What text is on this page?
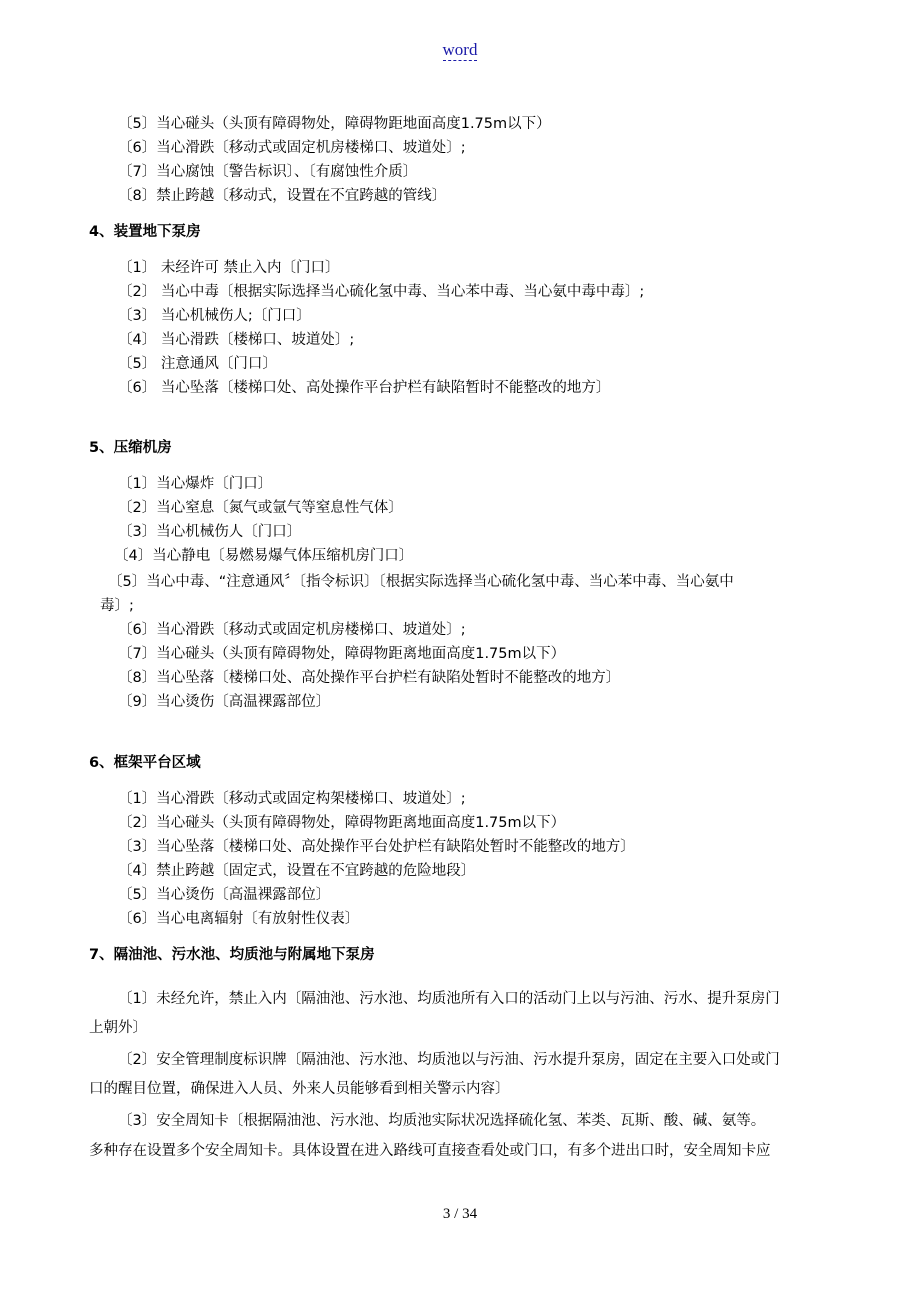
word
〔5〕当心碰头（头顶有障碍物处，障碍物距地面高度1.75m以下）
〔6〕当心滑跌〔移动式或固定机房楼梯口、坡道处〕;
〔7〕当心腐蚀〔警告标识〕、〔有腐蚀性介质〕
〔8〕禁止跨越〔移动式，设置在不宜跨越的管线〕
4、装置地下泵房
〔1〕 未经许可 禁止入内〔门口〕
〔2〕 当心中毒〔根据实际选择当心硫化氢中毒、当心苯中毒、当心氨中毒中毒〕;
〔3〕 当心机械伤人;〔门口〕
〔4〕 当心滑跌〔楼梯口、坡道处〕;
〔5〕 注意通风〔门口〕
〔6〕 当心坠落〔楼梯口处、高处操作平台护栏有缺陷暂时不能整改的地方〕
5、压缩机房
〔1〕当心爆炸〔门口〕
〔2〕当心窒息〔氮气或氩气等窒息性气体〕
〔3〕当心机械伤人〔门口〕
〔4〕当心静电〔易燃易爆气体压缩机房门口〕
〔5〕当心中毒、“注意通风〞〔指令标识〕〔根据实际选择当心硫化氢中毒、当心苯中毒、当心氨中
毒〕;
〔6〕当心滑跌〔移动式或固定机房楼梯口、坡道处〕;
〔7〕当心碰头（头顶有障碍物处，障碍物距离地面高度1.75m以下）
〔8〕当心坠落〔楼梯口处、高处操作平台护栏有缺陷处暂时不能整改的地方〕
〔9〕当心烫伤〔高温裸露部位〕
6、框架平台区域
〔1〕当心滑跌〔移动式或固定构架楼梯口、坡道处〕;
〔2〕当心碰头（头顶有障碍物处，障碍物距离地面高度1.75m以下）
〔3〕当心坠落〔楼梯口处、高处操作平台处护栏有缺陷处暂时不能整改的地方〕
〔4〕禁止跨越〔固定式，设置在不宜跨越的危险地段〕
〔5〕当心烫伤〔高温裸露部位〕
〔6〕当心电离辐射〔有放射性仪表〕
7、隔油池、污水池、均质池与附属地下泵房
〔1〕未经允许，禁止入内〔隔油池、污水池、均质池所有入口的活动门上以与污油、污水、提升泵房门
上朝外〕
〔2〕安全管理制度标识牌〔隔油池、污水池、均质池以与污油、污水提升泵房，固定在主要入口处或门
口的醒目位置，确保进入人员、外来人员能够看到相关警示内容〕
〔3〕安全周知卡〔根据隔油池、污水池、均质池实际状况选择硫化氢、苯类、瓦斯、酸、碱、氨等。
多种存在设置多个安全周知卡。具体设置在进入路线可直接查看处或门口，有多个进出口时，安全周知卡应
3 / 34
